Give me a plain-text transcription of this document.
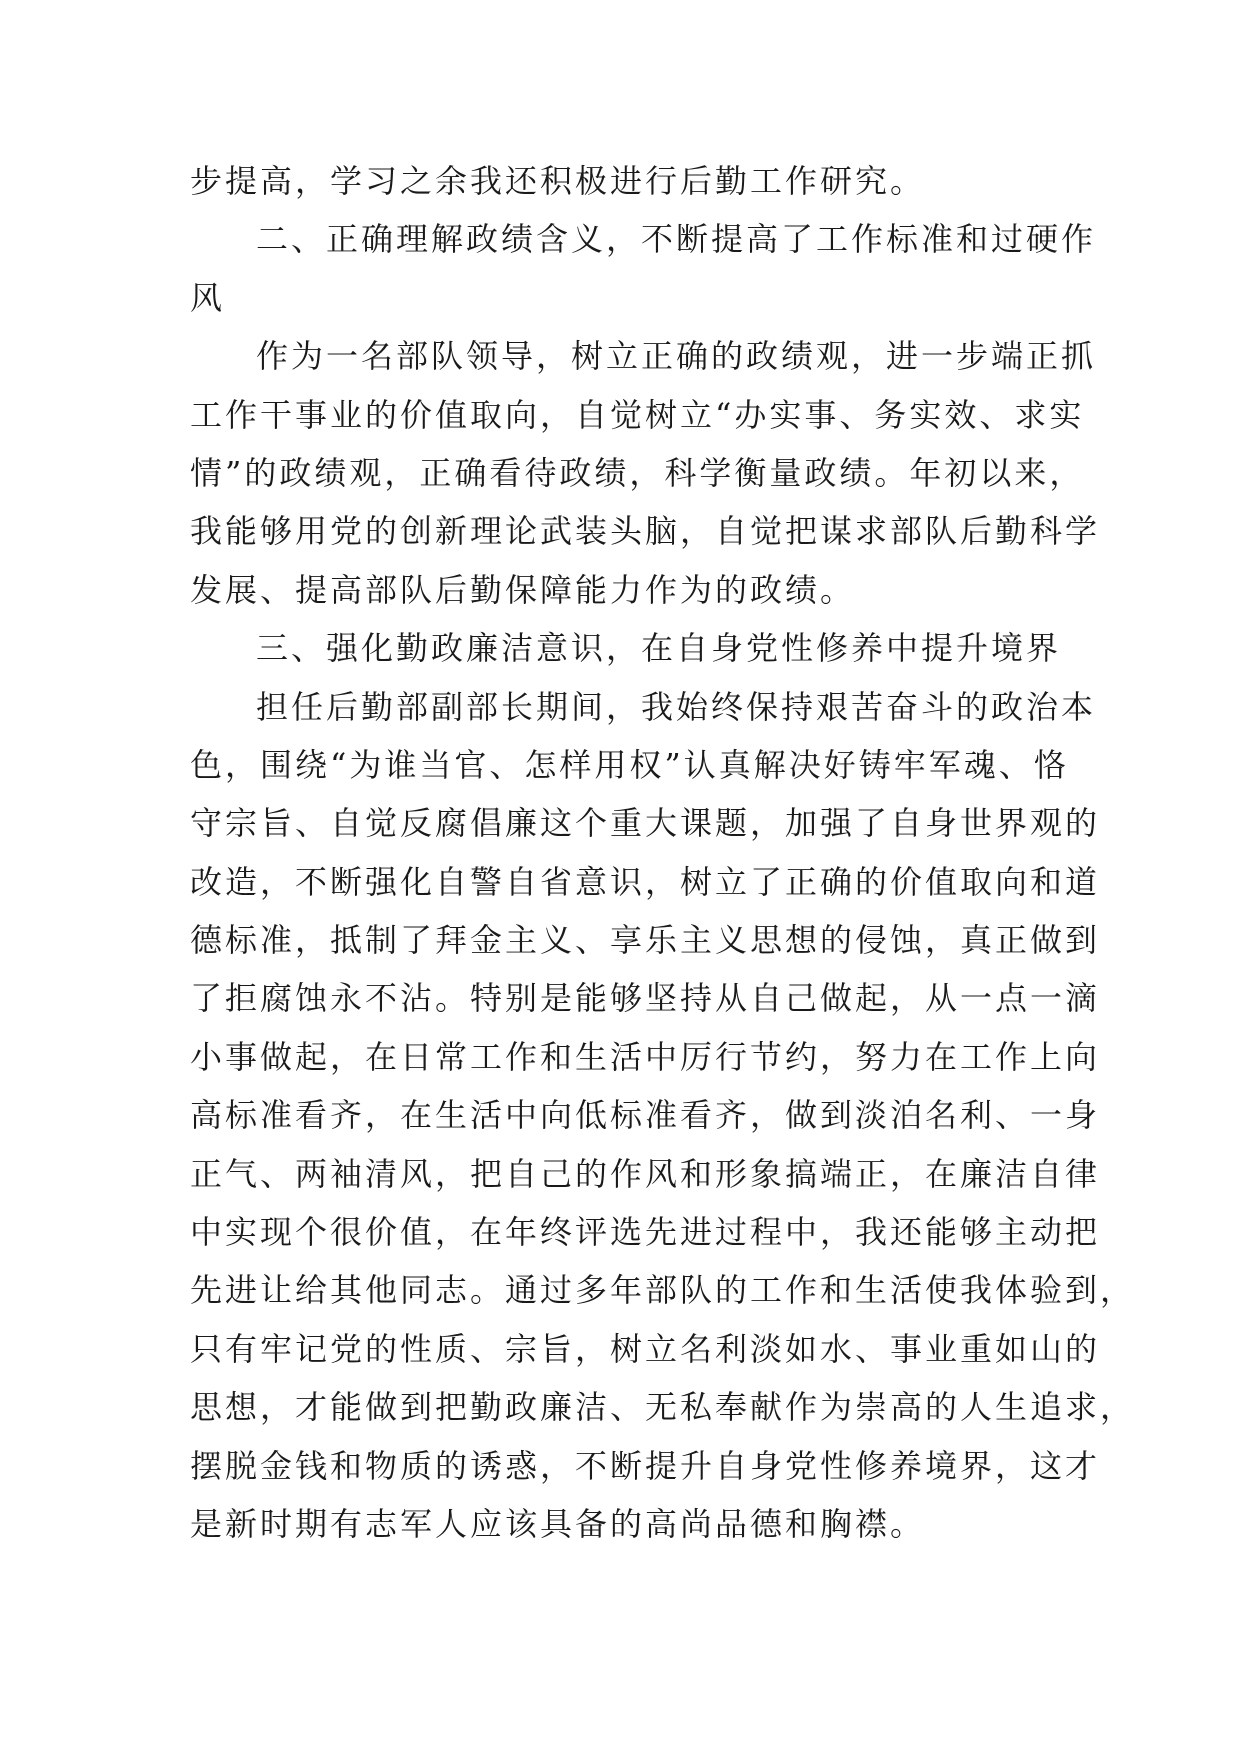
步提高，学习之余我还积极进行后勤工作研究。
二、正确理解政绩含义，不断提高了工作标准和过硬作
风
作为一名部队领导，树立正确的政绩观，进一步端正抓
工作干事业的价值取向，自觉树立“办实事、务实效、求实
情”的政绩观，正确看待政绩，科学衡量政绩。年初以来，
我能够用党的创新理论武装头脑，自觉把谋求部队后勤科学
发展、提高部队后勤保障能力作为的政绩。
三、强化勤政廉洁意识，在自身党性修养中提升境界
担任后勤部副部长期间，我始终保持艰苦奋斗的政治本
色，围绕“为谁当官、怎样用权”认真解决好铸牢军魂、恪
守宗旨、自觉反腐倡廉这个重大课题，加强了自身世界观的
改造，不断强化自警自省意识，树立了正确的价值取向和道
德标准，抵制了拜金主义、享乐主义思想的侵蚀，真正做到
了拒腐蚀永不沾。特别是能够坚持从自己做起，从一点一滴
小事做起，在日常工作和生活中厉行节约，努力在工作上向
高标准看齐，在生活中向低标准看齐，做到淡泊名利、一身
正气、两袖清风，把自己的作风和形象搞端正，在廉洁自律
中实现个很价值，在年终评选先进过程中，我还能够主动把
先进让给其他同志。通过多年部队的工作和生活使我体验到，
只有牢记党的性质、宗旨，树立名利淡如水、事业重如山的
思想，才能做到把勤政廉洁、无私奉献作为崇高的人生追求，
摆脱金钱和物质的诱惑，不断提升自身党性修养境界，这才
是新时期有志军人应该具备的高尚品德和胸襟。
